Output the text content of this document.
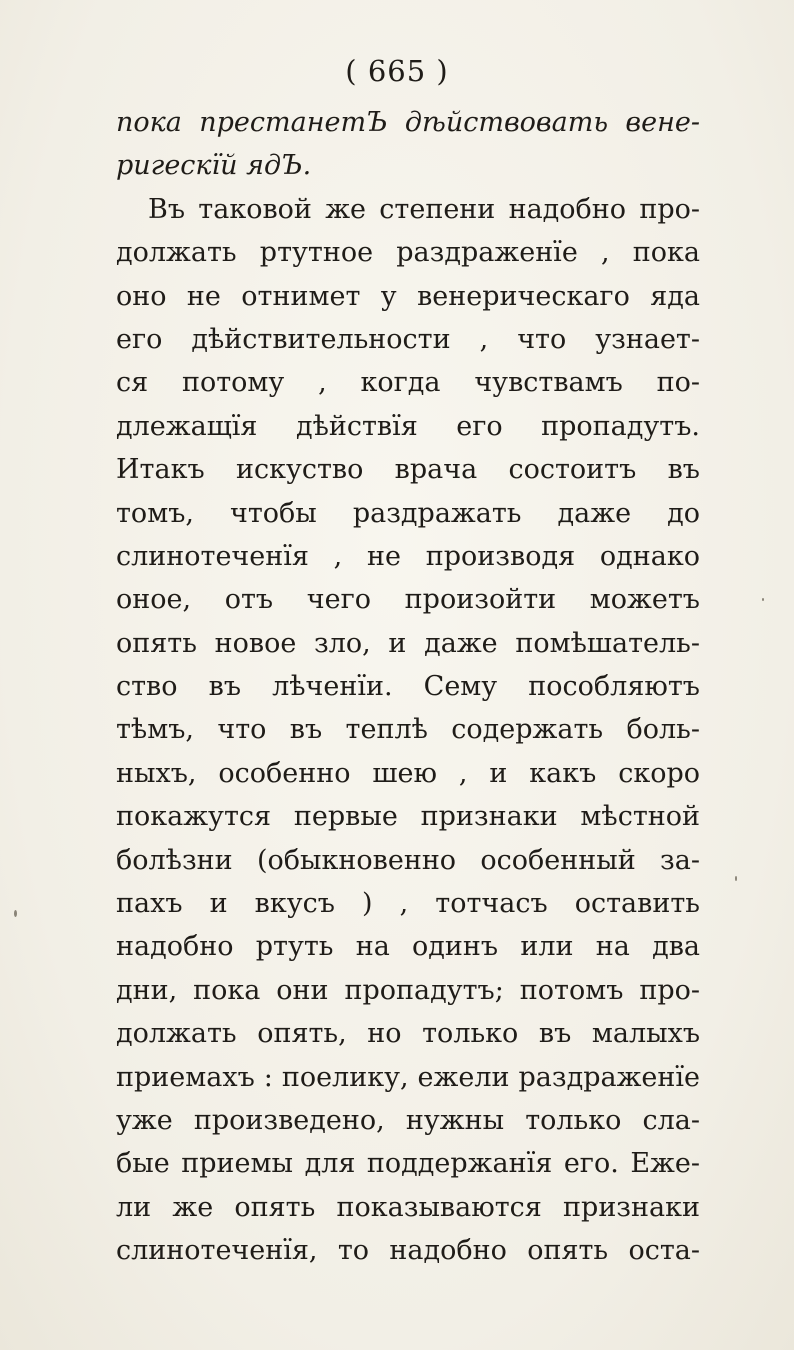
( 665 )
пока престанетЪ дѣйствовать вене-
ригескїй ядЪ.
Въ таковой же степени надобно про-
должать ртутное раздраженїе , пока
оно не отнимет у венерическаго яда
его дѣйствительности , что узнает-
ся потому , когда чувствамъ по-
длежащїя дѣйствїя его пропадутъ.
Итакъ искуство врача состоитъ въ
томъ, чтобы раздражать даже до
слинотеченїя , не производя однако
оное, отъ чего произойти можетъ
опять новое зло, и даже помѣшатель-
ство въ лѣченїи. Сему пособляютъ
тѣмъ, что въ теплѣ содержать боль-
ныхъ, особенно шею , и какъ скоро
покажутся первые признаки мѣстной
болѣзни (обыкновенно особенный за-
пахъ и вкусъ ) , тотчасъ оставить
надобно ртуть на одинъ или на два
дни, пока они пропадутъ; потомъ про-
должать опять, но только въ малыхъ
приемахъ : поелику, ежели раздраженїе
уже произведено, нужны только сла-
бые приемы для поддержанїя его. Еже-
ли же опять показываются признаки
слинотеченїя, то надобно опять оста-
